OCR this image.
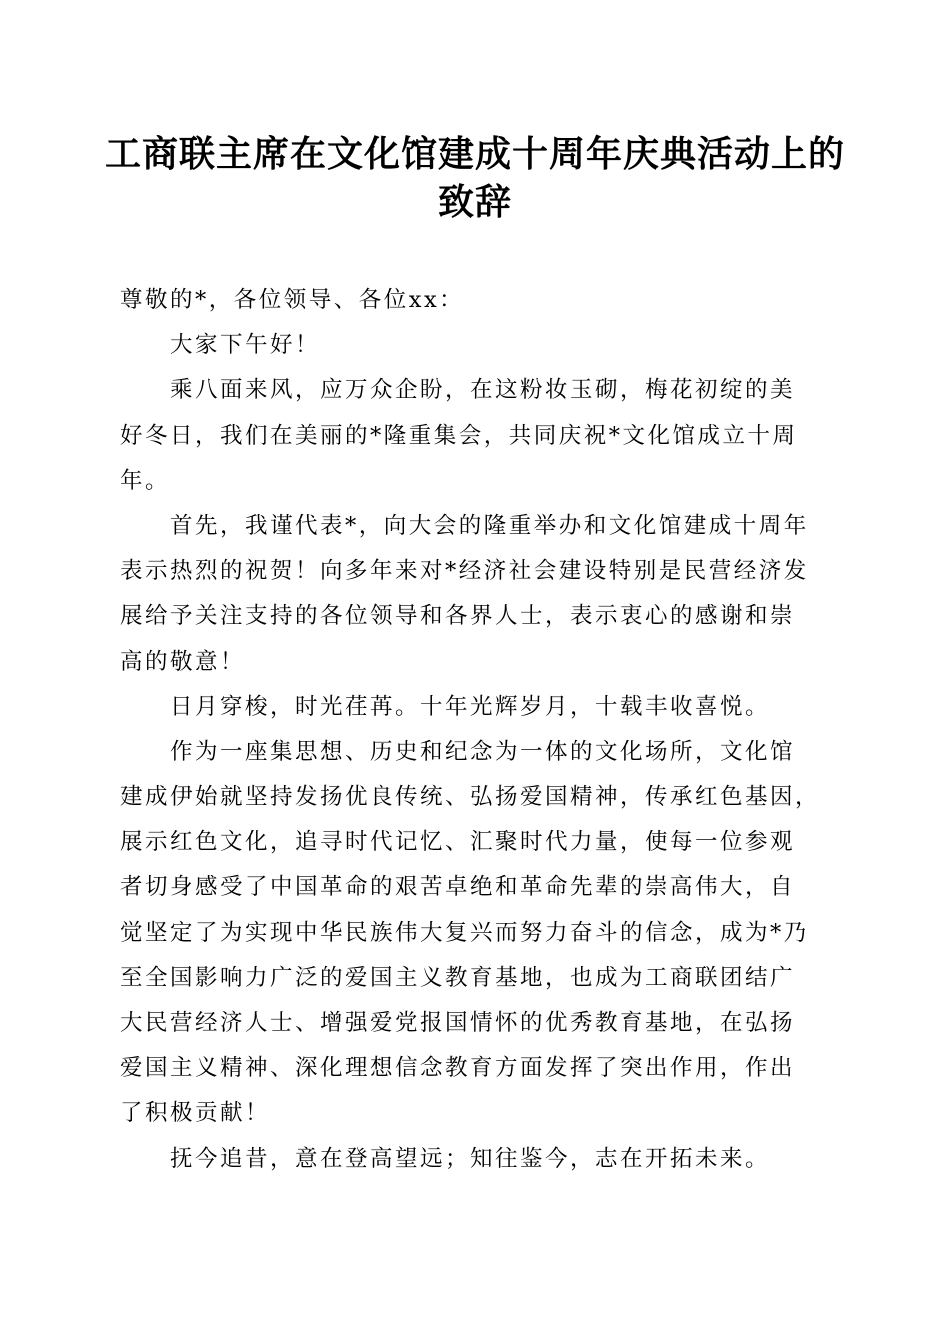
工商联主席在文化馆建成十周年庆典活动上的
致辞
尊敬的*，各位领导、各位xx：
大家下午好！
乘八面来风，应万众企盼，在这粉妆玉砌，梅花初绽的美
好冬日，我们在美丽的*隆重集会，共同庆祝*文化馆成立十周
年。
首先，我谨代表*，向大会的隆重举办和文化馆建成十周年
表示热烈的祝贺！向多年来对*经济社会建设特别是民营经济发
展给予关注支持的各位领导和各界人士，表示衷心的感谢和崇
高的敬意！
日月穿梭，时光荏苒。十年光辉岁月，十载丰收喜悦。
作为一座集思想、历史和纪念为一体的文化场所，文化馆
建成伊始就坚持发扬优良传统、弘扬爱国精神，传承红色基因，
展示红色文化，追寻时代记忆、汇聚时代力量，使每一位参观
者切身感受了中国革命的艰苦卓绝和革命先辈的崇高伟大，自
觉坚定了为实现中华民族伟大复兴而努力奋斗的信念，成为*乃
至全国影响力广泛的爱国主义教育基地，也成为工商联团结广
大民营经济人士、增强爱党报国情怀的优秀教育基地，在弘扬
爱国主义精神、深化理想信念教育方面发挥了突出作用，作出
了积极贡献！
抚今追昔，意在登高望远；知往鉴今，志在开拓未来。
